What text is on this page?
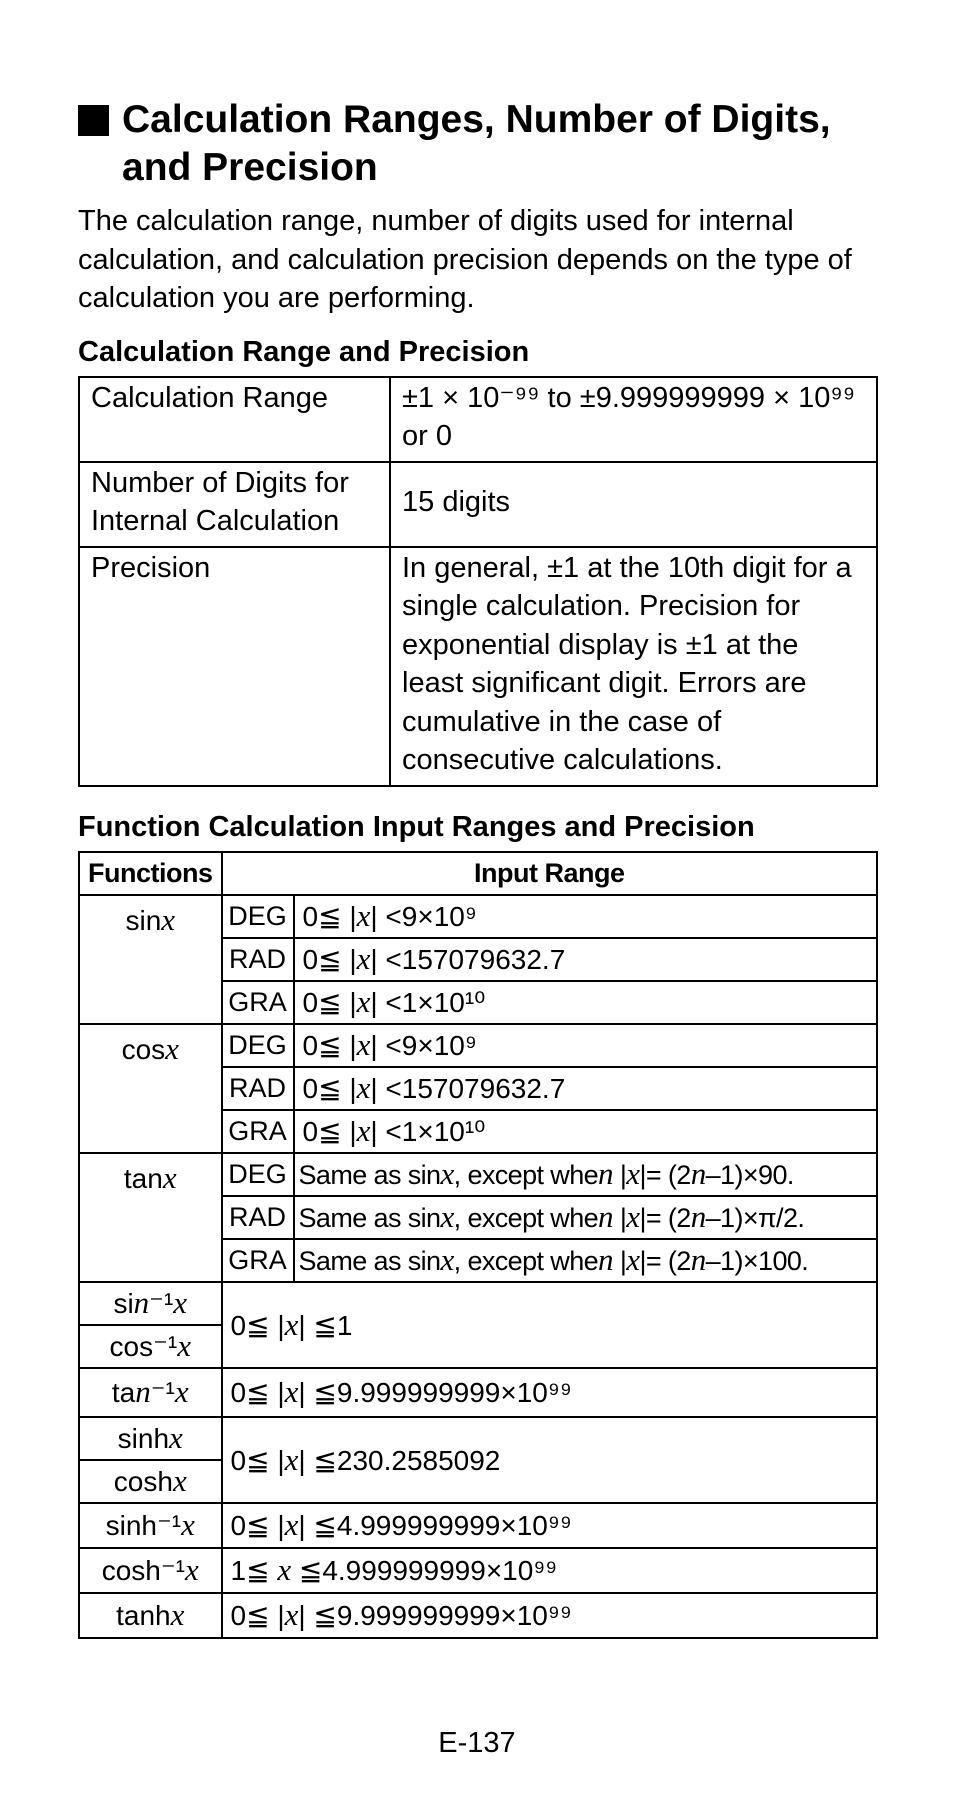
Calculation Ranges, Number of Digits, and Precision

The calculation range, number of digits used for internal calculation, and calculation precision depends on the type of calculation you are performing.

Calculation Range and Precision
Calculation Range	±1 × 10⁻⁹⁹ to ±9.999999999 × 10⁹⁹ or 0
Number of Digits for Internal Calculation	15 digits
Precision	In general, ±1 at the 10th digit for a single calculation. Precision for exponential display is ±1 at the least significant digit. Errors are cumulative in the case of consecutive calculations.
Function Calculation Input Ranges and Precision
Functions	Input Range	
sinx	DEG	0≦ |x| <9×10⁹
	RAD	0≦ |x| <157079632.7
	GRA	0≦ |x| <1×10¹⁰
cosx	DEG	0≦ |x| <9×10⁹
	RAD	0≦ |x| <157079632.7
	GRA	0≦ |x| <1×10¹⁰
tanx	DEG	Same as sinx, except when |x|= (2n–1)×90.
	RAD	Same as sinx, except when |x|= (2n–1)×π/2.
	GRA	Same as sinx, except when |x|= (2n–1)×100.
sin⁻¹x	0≦ |x| ≦1	
cos⁻¹x		
tan⁻¹x	0≦ |x| ≦9.999999999×10⁹⁹	
sinhx	0≦ |x| ≦230.2585092	
coshx		
sinh⁻¹x	0≦ |x| ≦4.999999999×10⁹⁹	
cosh⁻¹x	1≦ x ≦4.999999999×10⁹⁹	
tanhx	0≦ |x| ≦9.999999999×10⁹⁹	
E-137
